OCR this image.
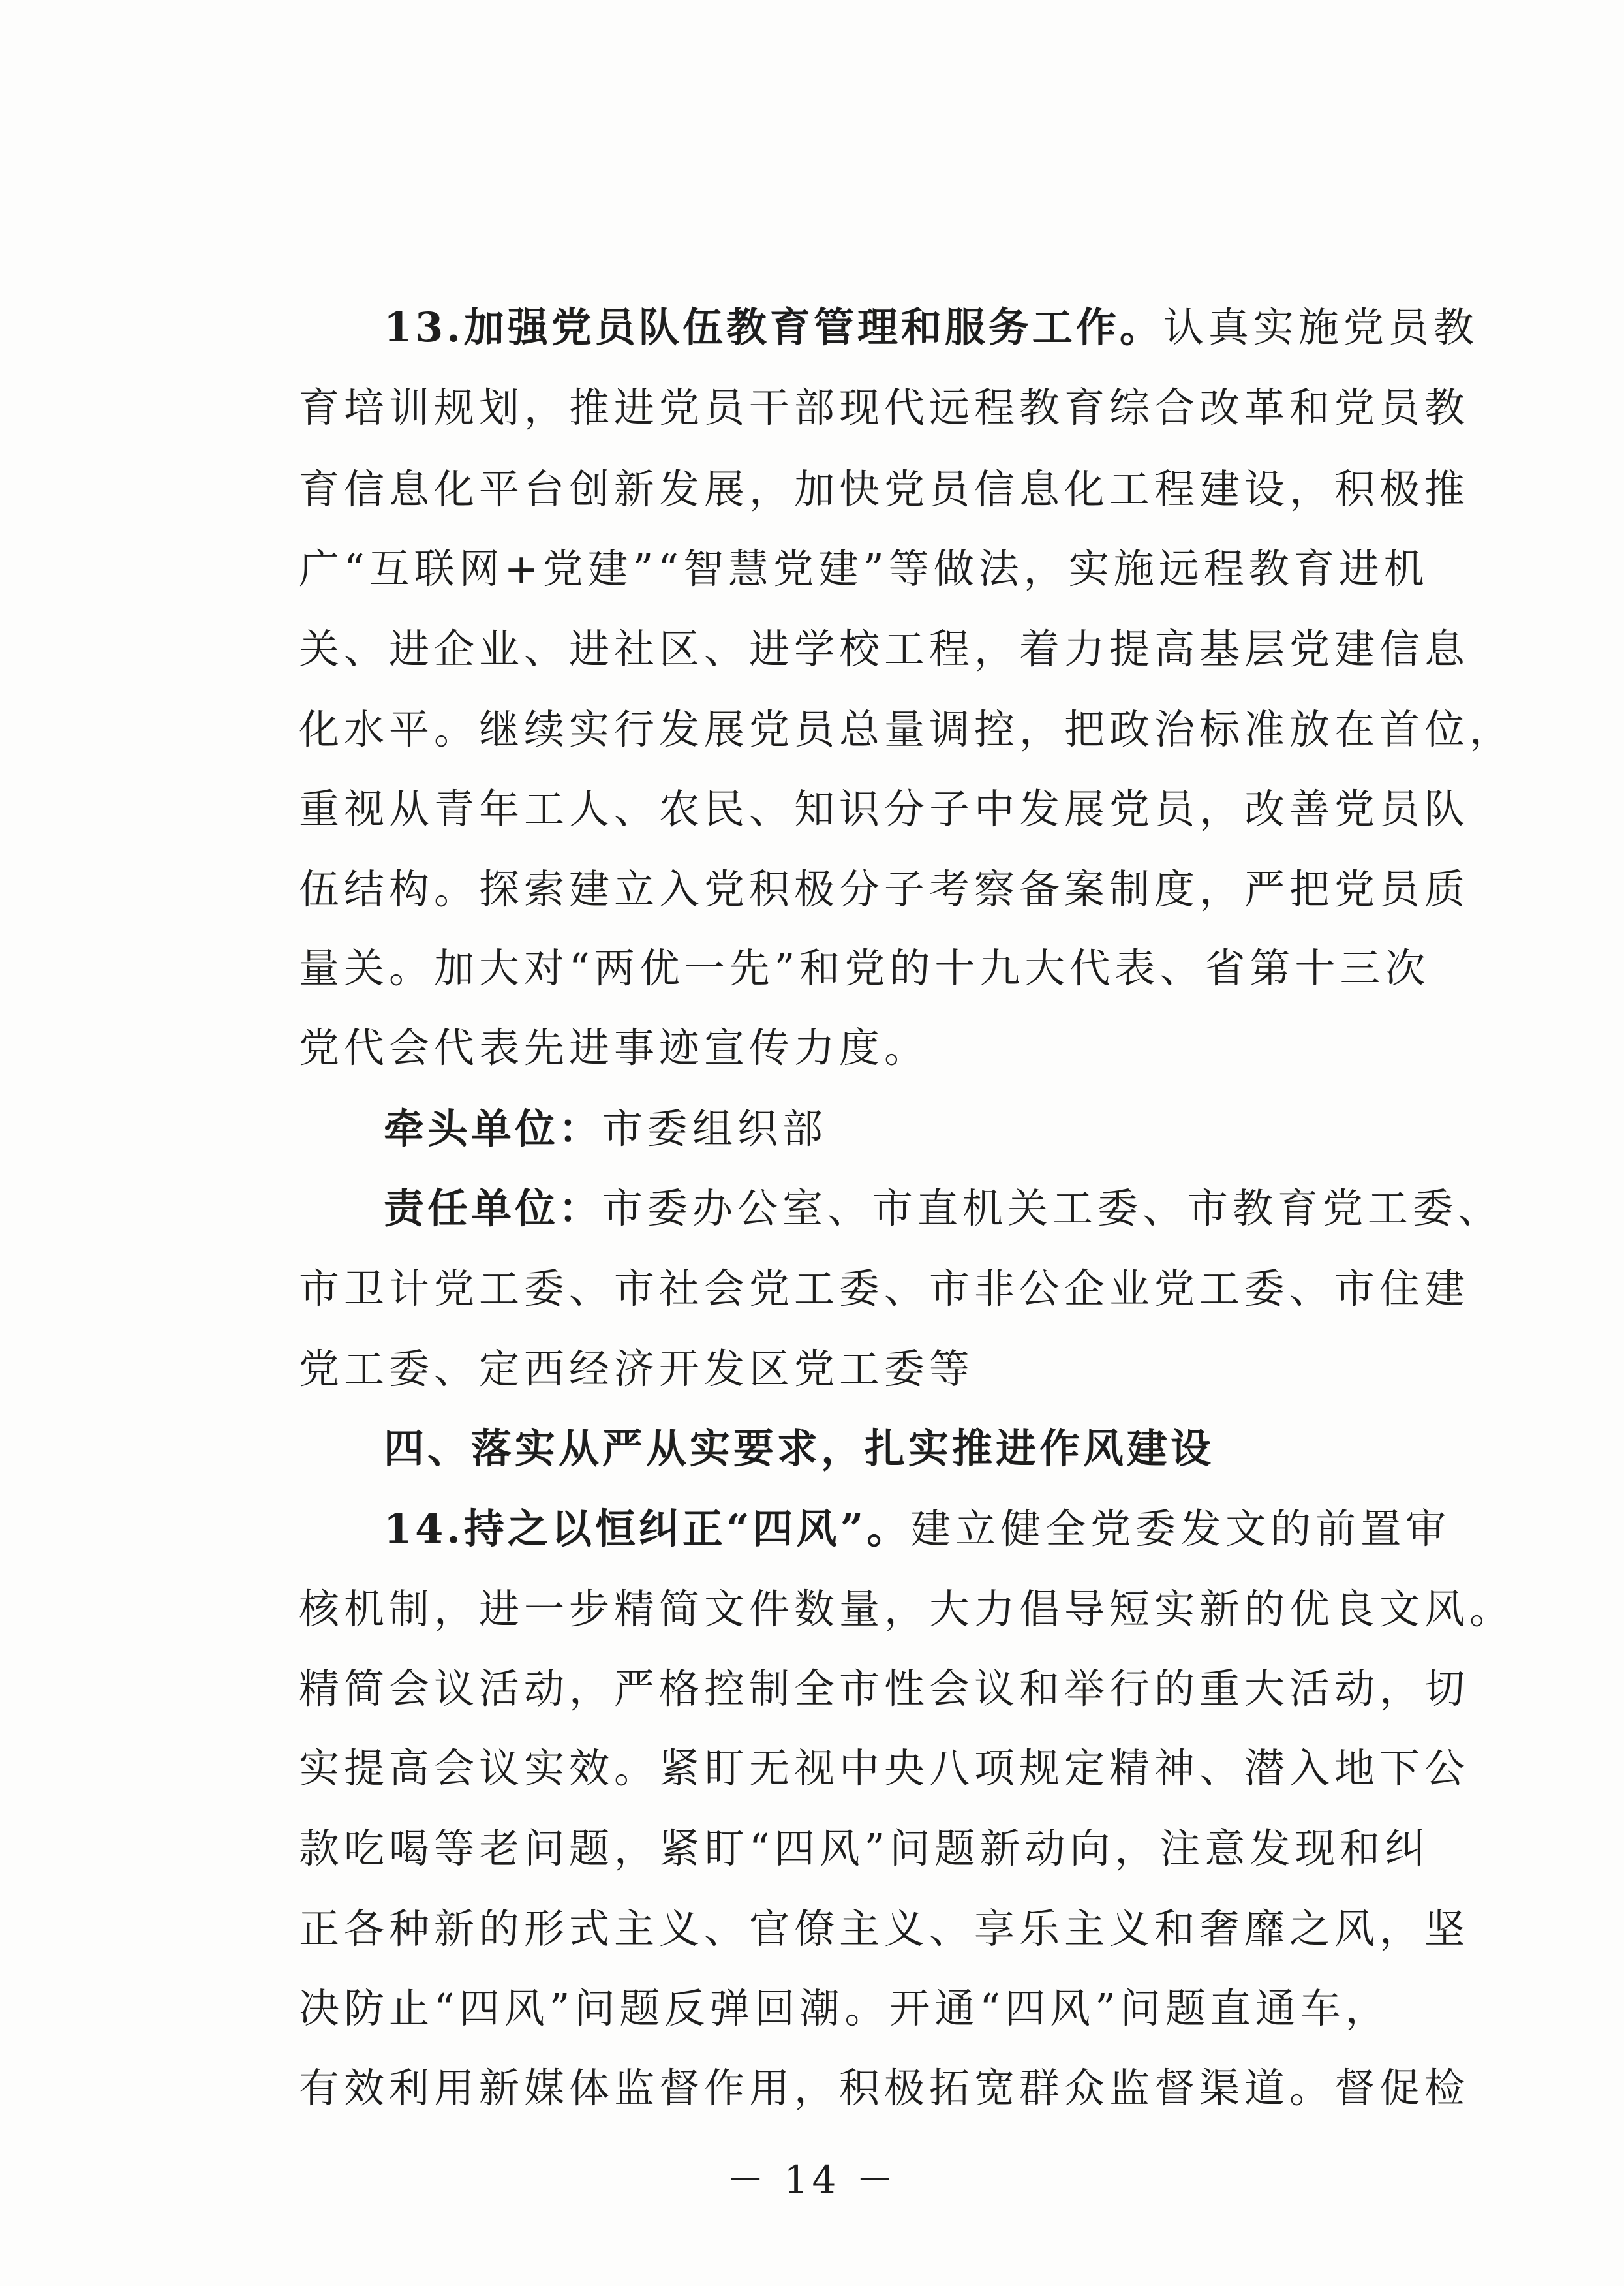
13.加强党员队伍教育管理和服务工作。认真实施党员教
育培训规划，推进党员干部现代远程教育综合改革和党员教
育信息化平台创新发展，加快党员信息化工程建设，积极推
广“互联网+党建”“智慧党建”等做法，实施远程教育进机
关、进企业、进社区、进学校工程，着力提高基层党建信息
化水平。继续实行发展党员总量调控，把政治标准放在首位，
重视从青年工人、农民、知识分子中发展党员，改善党员队
伍结构。探索建立入党积极分子考察备案制度，严把党员质
量关。加大对“两优一先”和党的十九大代表、省第十三次
党代会代表先进事迹宣传力度。
牵头单位：市委组织部
责任单位：市委办公室、市直机关工委、市教育党工委、
市卫计党工委、市社会党工委、市非公企业党工委、市住建
党工委、定西经济开发区党工委等
四、落实从严从实要求，扎实推进作风建设
14.持之以恒纠正“四风”。建立健全党委发文的前置审
核机制，进一步精简文件数量，大力倡导短实新的优良文风。
精简会议活动，严格控制全市性会议和举行的重大活动，切
实提高会议实效。紧盯无视中央八项规定精神、潜入地下公
款吃喝等老问题，紧盯“四风”问题新动向，注意发现和纠
正各种新的形式主义、官僚主义、享乐主义和奢靡之风，坚
决防止“四风”问题反弹回潮。开通“四风”问题直通车，
有效利用新媒体监督作用，积极拓宽群众监督渠道。督促检
－ 14 －
